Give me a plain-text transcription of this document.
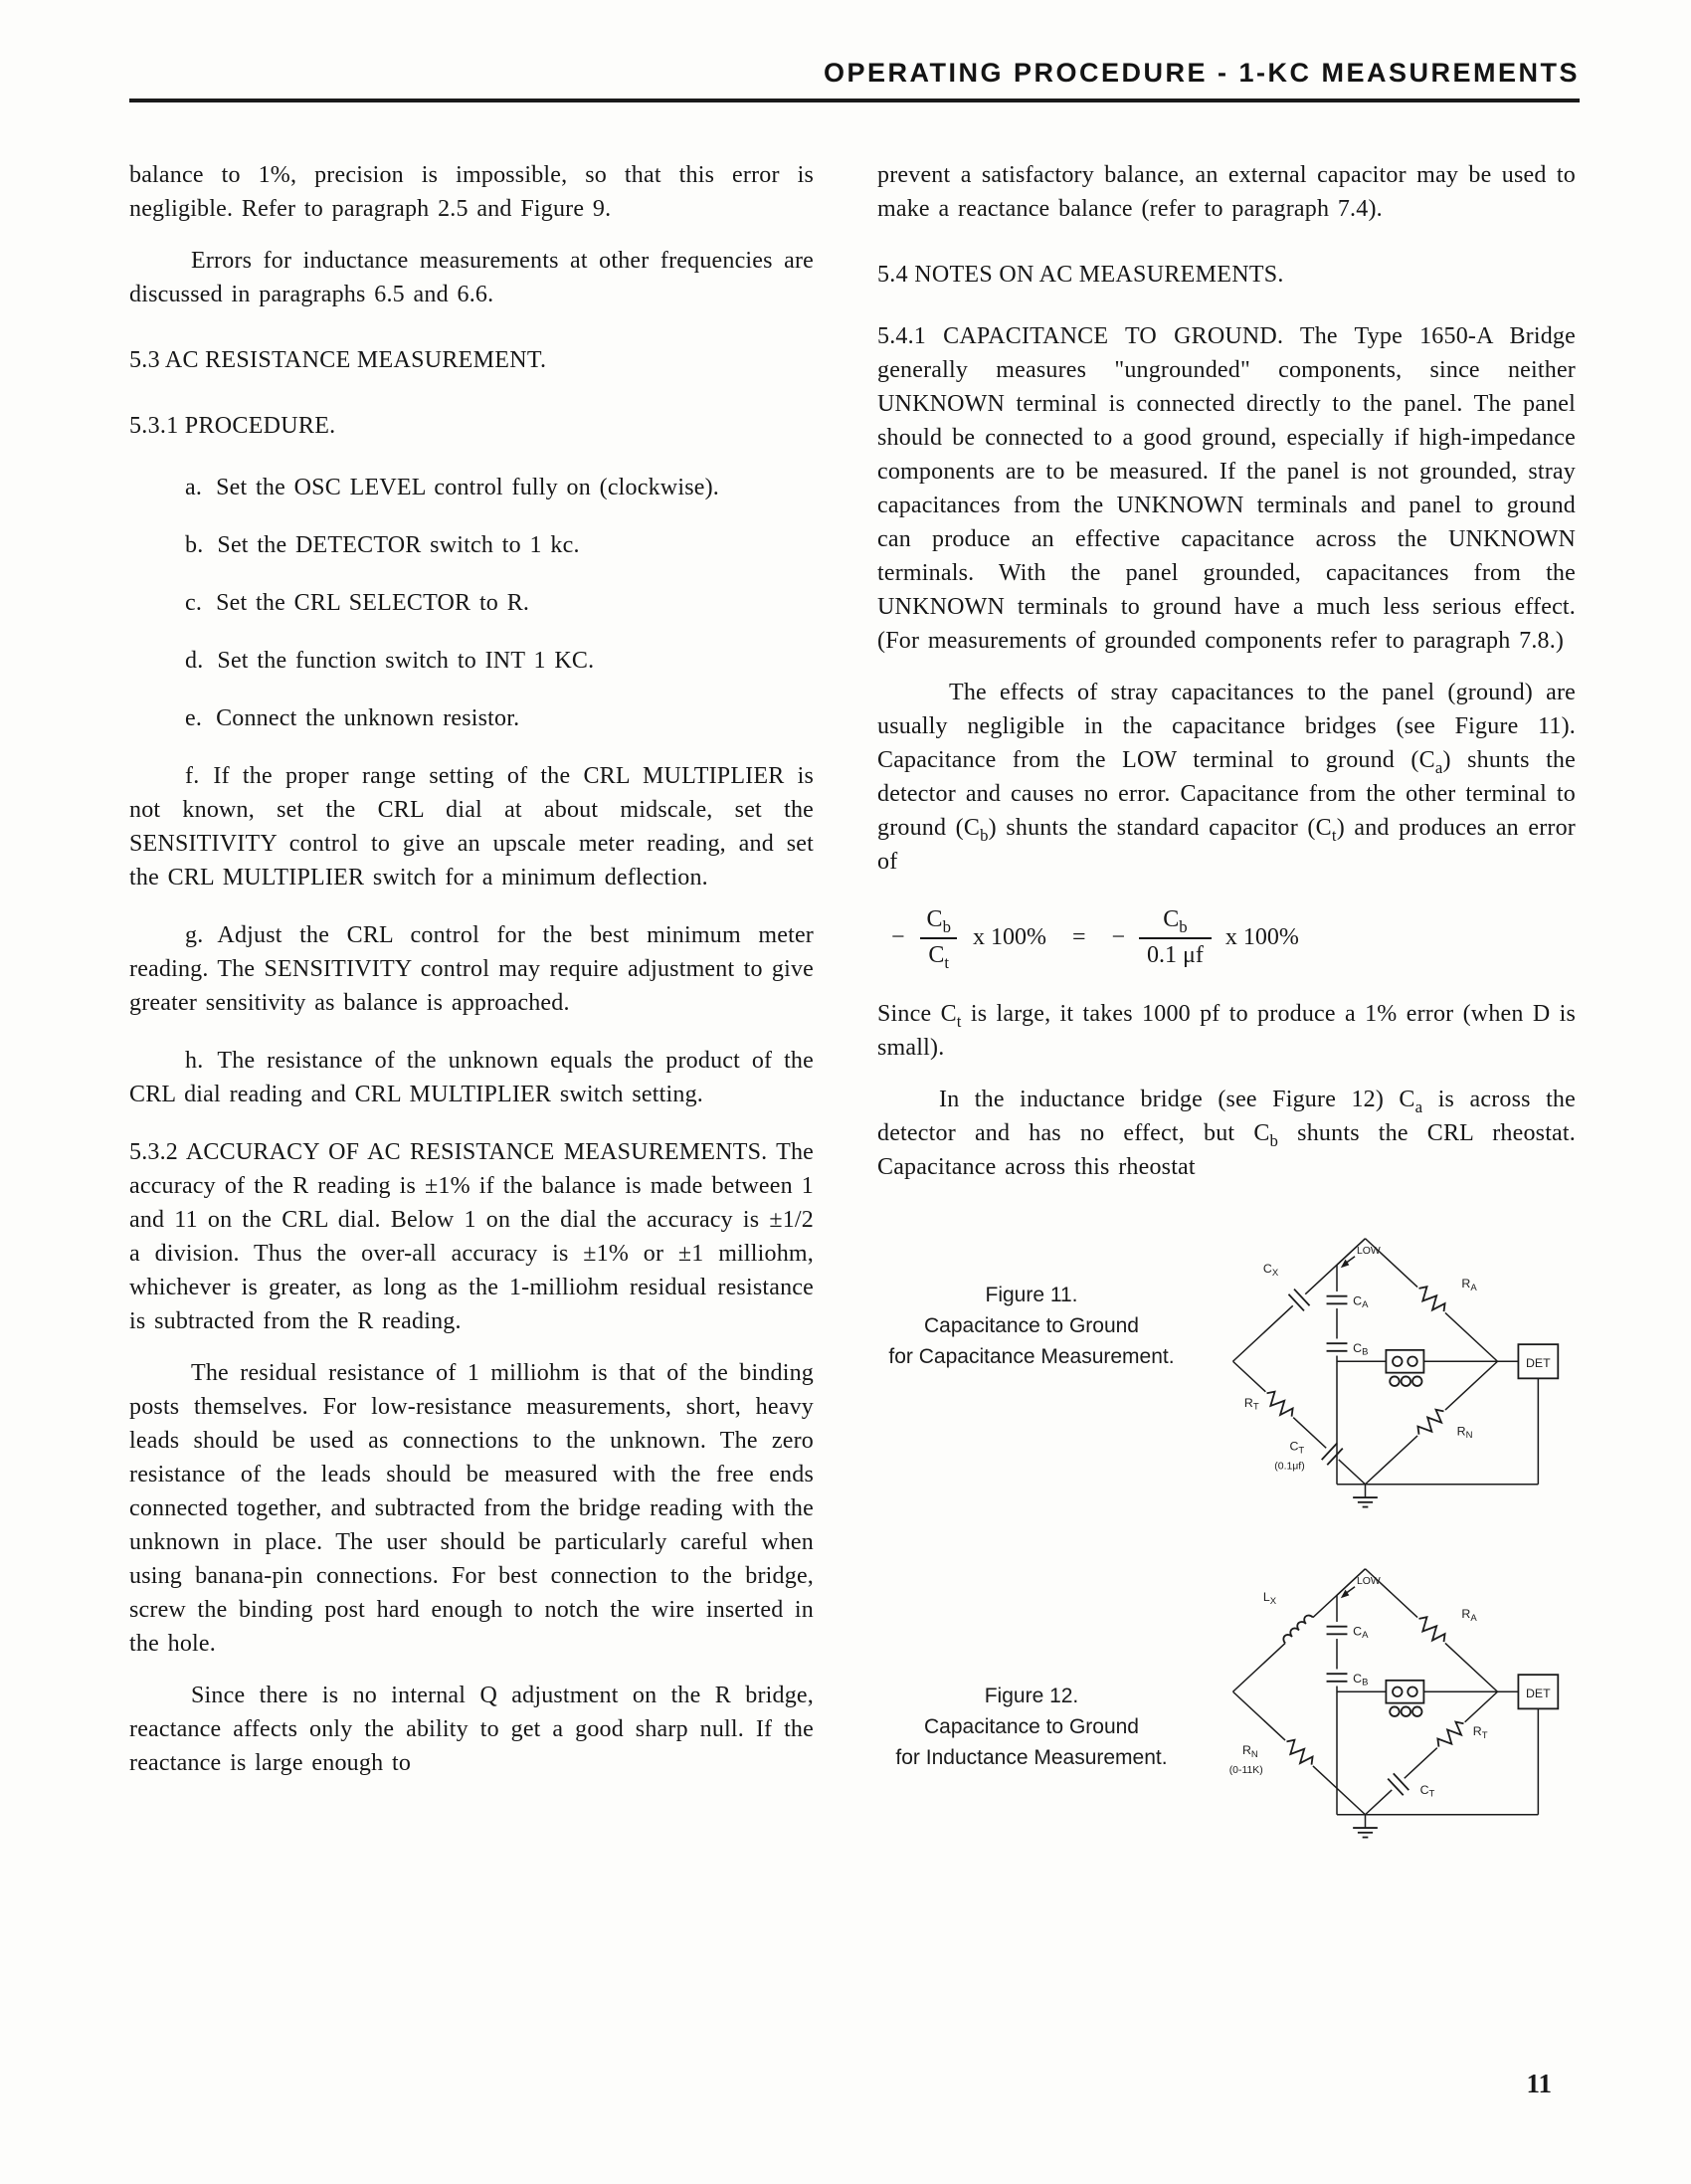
OPERATING PROCEDURE - 1-KC MEASUREMENTS

balance to 1%, precision is impossible, so that this error is negligible. Refer to paragraph 2.5 and Figure 9.

Errors for inductance measurements at other frequencies are discussed in paragraphs 6.5 and 6.6.

5.3 AC RESISTANCE MEASUREMENT.
5.3.1 PROCEDURE.

a. Set the OSC LEVEL control fully on (clockwise).

b. Set the DETECTOR switch to 1 kc.

c. Set the CRL SELECTOR to R.

d. Set the function switch to INT 1 KC.

e. Connect the unknown resistor.

f. If the proper range setting of the CRL MULTIPLIER is not known, set the CRL dial at about midscale, set the SENSITIVITY control to give an upscale meter reading, and set the CRL MULTIPLIER switch for a minimum deflection.

g. Adjust the CRL control for the best minimum meter reading. The SENSITIVITY control may require adjustment to give greater sensitivity as balance is approached.

h. The resistance of the unknown equals the product of the CRL dial reading and CRL MULTIPLIER switch setting.

5.3.2 ACCURACY OF AC RESISTANCE MEASUREMENTS. The accuracy of the R reading is ±1% if the balance is made between 1 and 11 on the CRL dial. Below 1 on the dial the accuracy is ±1/2 a division. Thus the over-all accuracy is ±1% or ±1 milliohm, whichever is greater, as long as the 1-milliohm residual resistance is subtracted from the R reading.

The residual resistance of 1 milliohm is that of the binding posts themselves. For low-resistance measurements, short, heavy leads should be used as connections to the unknown. The zero resistance of the leads should be measured with the free ends connected together, and subtracted from the bridge reading with the unknown in place. The user should be particularly careful when using banana-pin connections. For best connection to the bridge, screw the binding post hard enough to notch the wire inserted in the hole.

Since there is no internal Q adjustment on the R bridge, reactance affects only the ability to get a good sharp null. If the reactance is large enough to

prevent a satisfactory balance, an external capacitor may be used to make a reactance balance (refer to paragraph 7.4).

5.4 NOTES ON AC MEASUREMENTS.

5.4.1 CAPACITANCE TO GROUND. The Type 1650-A Bridge generally measures "ungrounded" components, since neither UNKNOWN terminal is connected directly to the panel. The panel should be connected to a good ground, especially if high-impedance components are to be measured. If the panel is not grounded, stray capacitances from the UNKNOWN terminals and panel to ground can produce an effective capacitance across the UNKNOWN terminals. With the panel grounded, capacitances from the UNKNOWN terminals to ground have a much less serious effect. (For measurements of grounded components refer to paragraph 7.8.)

The effects of stray capacitances to the panel (ground) are usually negligible in the capacitance bridges (see Figure 11). Capacitance from the LOW terminal to ground $(C_a)$ shunts the detector and causes no error. Capacitance from the other terminal to ground $(C_b)$ shunts the standard capacitor $(C_t)$ and produces an error of

− $\frac{C_b}{C_t}$ x 100% = − $\frac{C_b}{0.1 \mu f}$ x 100%

Since $C_t$ is large, it takes 1000 pf to produce a 1% error (when D is small).

In the inductance bridge (see Figure 12) $C_a$ is across the detector and has no effect, but $C_b$ shunts the CRL rheostat. Capacitance across this rheostat

Figure 11.
Capacitance to Ground
for Capacitance Measurement.	DET
$C_X$
LOW
$C_A$
$C_B$
$R_A$
$R_T$
$C_T$
(0.1μf)
$R_N$
Figure 12.
Capacitance to Ground
for Inductance Measurement.
DET
$L_X$
LOW
$C_A$
$C_B$
$R_A$
$R_N$
(0-11K)
$R_T$
$C_T$
11
